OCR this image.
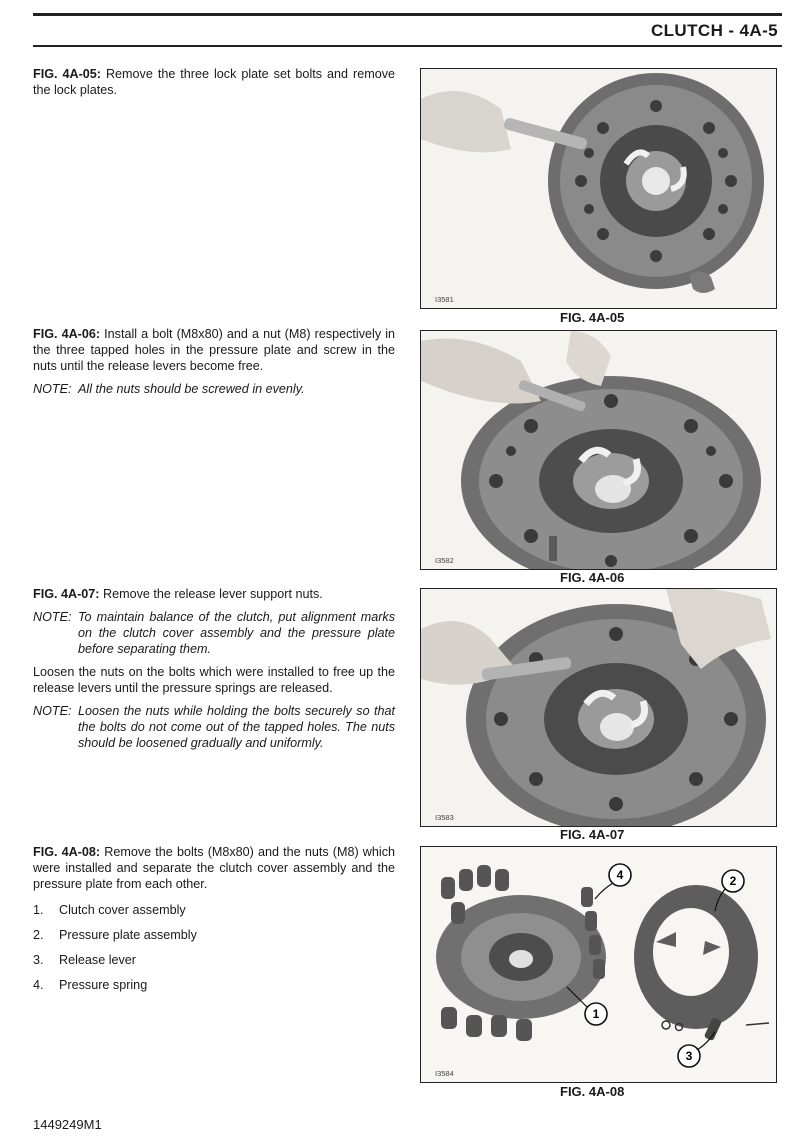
CLUTCH - 4A-5

FIG. 4A-05: Remove the three lock plate set bolts and remove the lock plates.

I3581
FIG. 4A-05

FIG. 4A-06: Install a bolt (M8x80) and a nut (M8) respectively in the three tapped holes in the pressure plate and screw in the nuts until the release levers become free.

NOTE: All the nuts should be screwed in evenly.
I3582
FIG. 4A-06

FIG. 4A-07: Remove the release lever support nuts.

NOTE: To maintain balance of the clutch, put alignment marks on the clutch cover assembly and the pressure plate before separating them.

Loosen the nuts on the bolts which were installed to free up the release levers until the pressure springs are released.

NOTE: Loosen the nuts while holding the bolts securely so that the bolts do not come out of the tapped holes. The nuts should be loosened gradually and uniformly.
I3583
FIG. 4A-07

FIG. 4A-08: Remove the bolts (M8x80) and the nuts (M8) which were installed and separate the clutch cover assembly and the pressure plate from each other.

1.	Clutch cover assembly
2.	Pressure plate assembly
3.	Release lever
4.	Pressure spring
1
2
3
4
I3584
FIG. 4A-08
1449249M1
